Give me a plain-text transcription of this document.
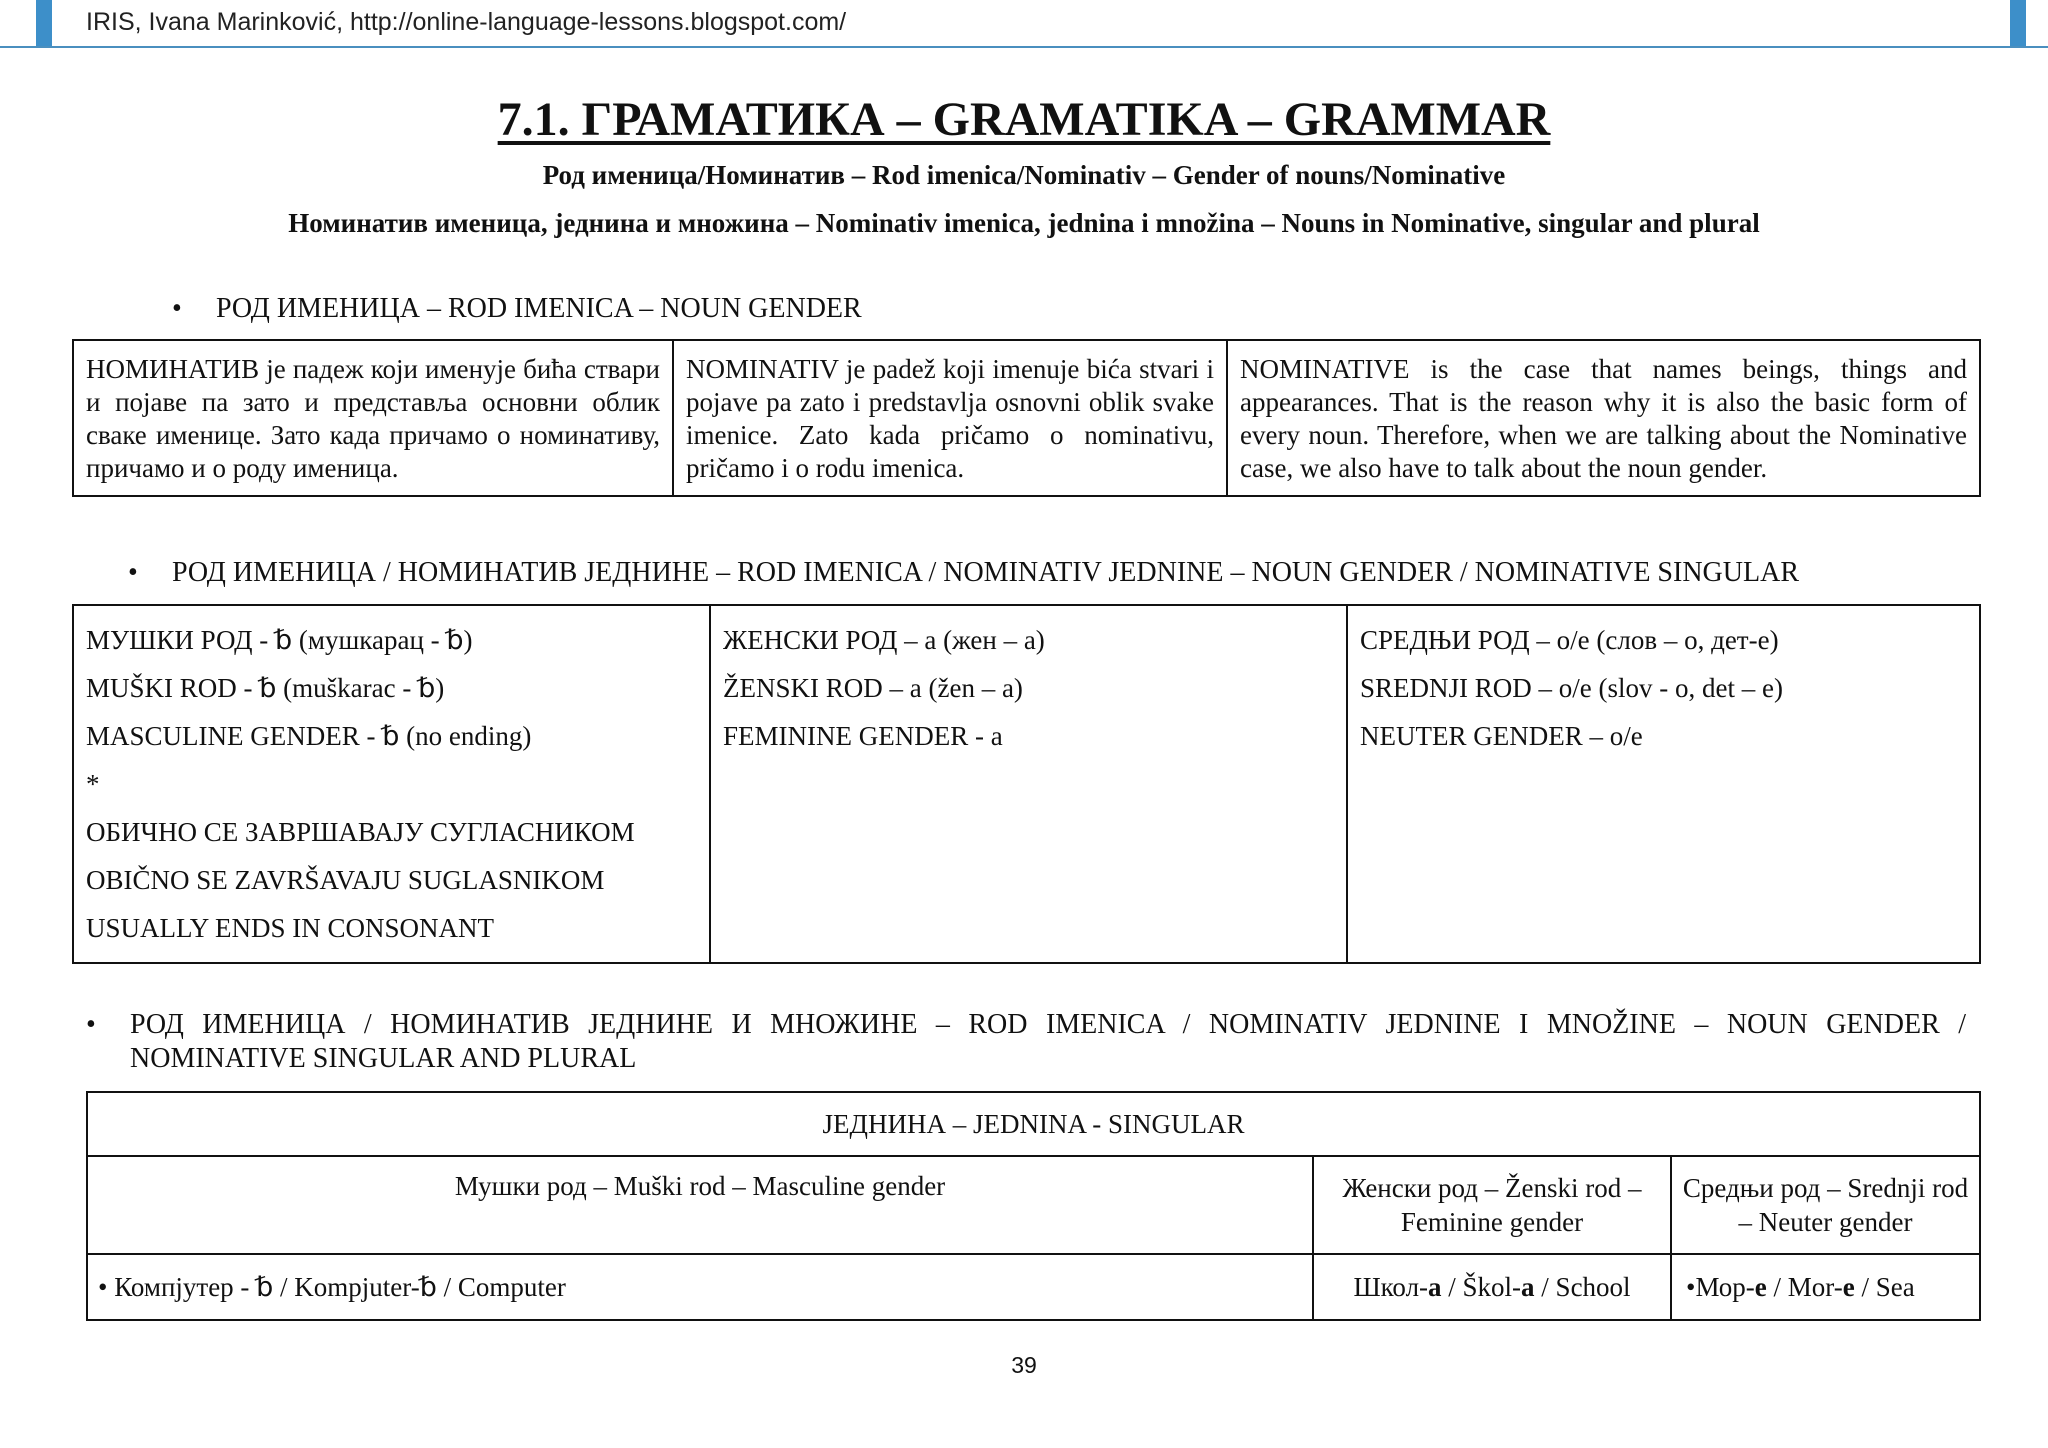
IRIS, Ivana Marinković, http://online-language-lessons.blogspot.com/
7.1. ГРАМАТИКА – GRAMATIKA – GRAMMAR
Род именица/Номинатив – Rod imenica/Nominativ – Gender of nouns/Nominative
Номинатив именица, једнина и множина – Nominativ imenica, jednina i množina – Nouns in Nominative, singular and plural
• РОД ИМЕНИЦА – ROD IMENICA – NOUN GENDER
НОМИНАТИВ је падеж који именује бића ствари и појаве па зато и представља основни облик сваке именице. Зато када причамо о номинативу, причамо и о роду именица.	NOMINATIV je padež koji imenuje bića stvari i pojave pa zato i predstavlja osnovni oblik svake imenice. Zato kada pričamo o nominativu, pričamo i o rodu imenica.	NOMINATIVE is the case that names beings, things and appearances. That is the reason why it is also the basic form of every noun. Therefore, when we are talking about the Nominative case, we also have to talk about the noun gender.
• РОД ИМЕНИЦА / НОМИНАТИВ ЈЕДНИНЕ – ROD IMENICA / NOMINATIV JEDNINE – NOUN GENDER / NOMINATIVE SINGULAR
МУШКИ РОД - ␢ (мушкарац - ␢)
MUŠKI ROD - ␢ (muškarac - ␢)
MASCULINE GENDER - ␢ (no ending)
*
ОБИЧНО СЕ ЗАВРШАВАЈУ СУГЛАСНИКОМ
OBIČNO SE ZAVRŠAVAJU SUGLASNIKOM
USUALLY ENDS IN CONSONANT

ЖЕНСКИ РОД – а (жен – а)
ŽENSKI ROD – a (žen – a)
FEMININE GENDER - a

СРЕДЊИ РОД – о/е (слов – о, дет-е)
SREDNJI ROD – o/e (slov - o, det – e)
NEUTER GENDER – o/e
•	РОД ИМЕНИЦА / НОМИНАТИВ ЈЕДНИНЕ И МНОЖИНЕ – ROD IMENICA / NOMINATIV JEDNINE I MNOŽINE – NOUN GENDER /
NOMINATIVE SINGULAR AND PLURAL
ЈЕДНИНА – JEDNINA - SINGULAR		
Мушки род – Muški rod – Masculine gender	Женски род – Ženski rod – Feminine gender	Средњи род – Srednji rod – Neuter gender
• Компјутер - ␢ / Kompjuter-␢ / Computer	Школ-а / Škol-a / School	•Мор-е / Mor-e / Sea
39
